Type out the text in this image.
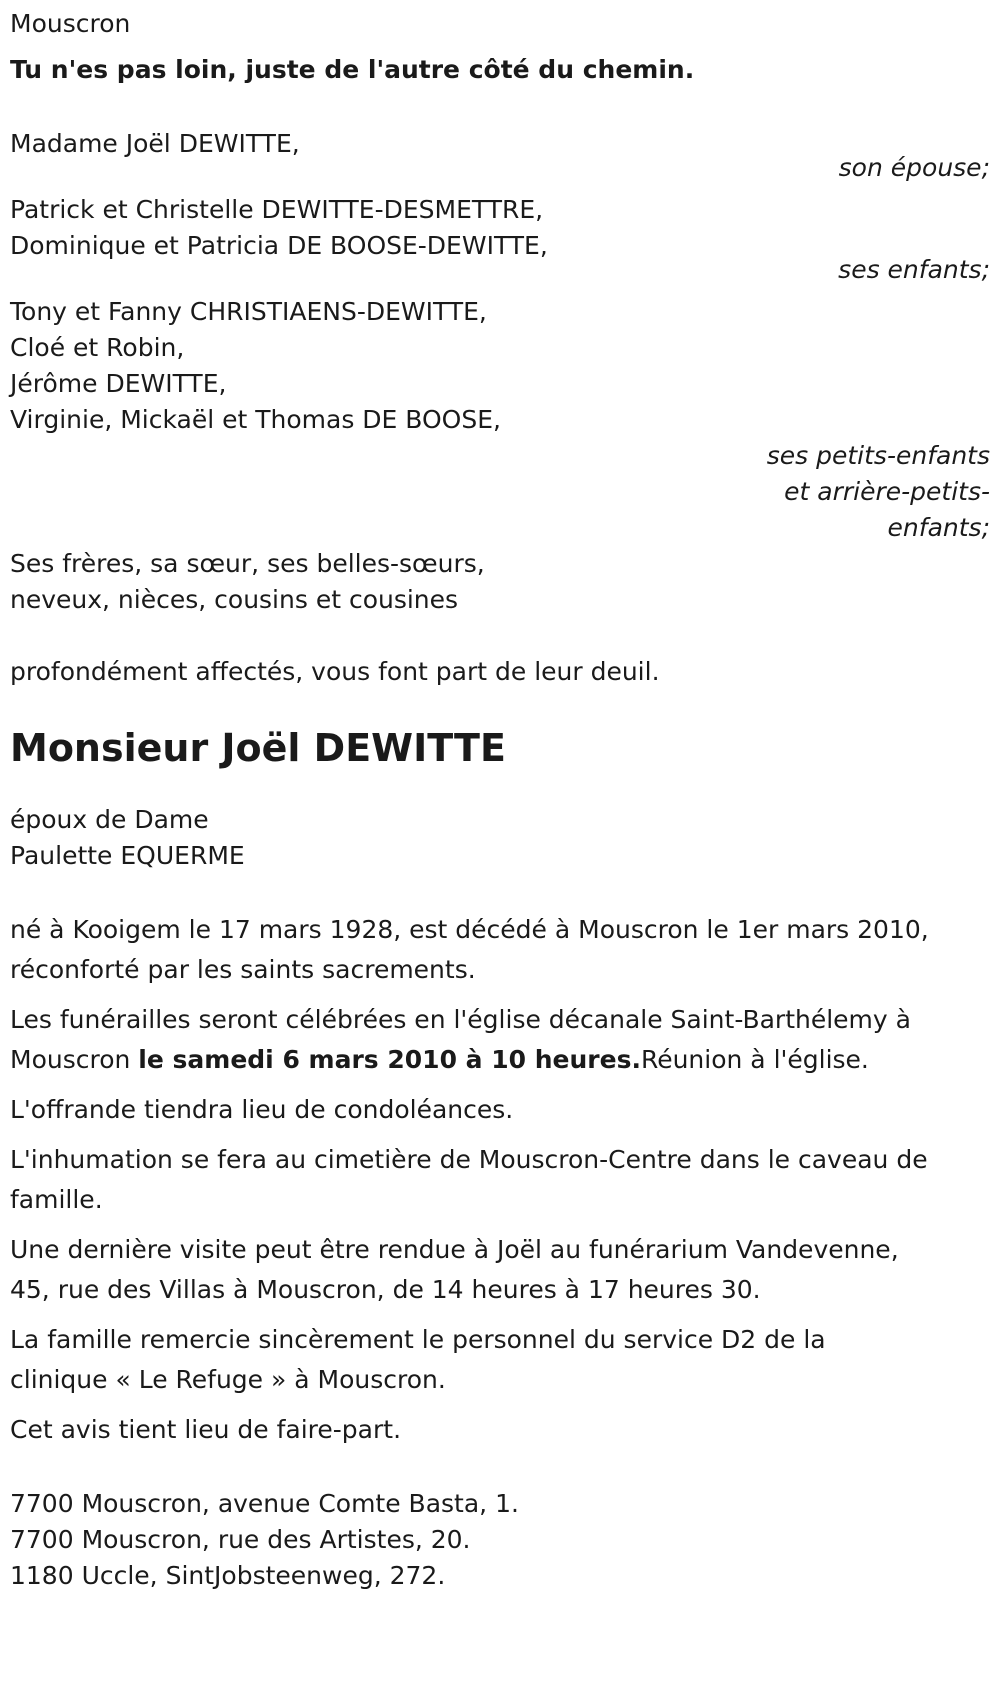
Mouscron
Tu n'es pas loin, juste de l'autre côté du chemin.
Madame Joël DEWITTE,
son épouse;
Patrick et Christelle DEWITTE-DESMETTRE,
Dominique et Patricia DE BOOSE-DEWITTE,
ses enfants;
Tony et Fanny CHRISTIAENS-DEWITTE,
Cloé et Robin,
Jérôme DEWITTE,
Virginie, Mickaël et Thomas DE BOOSE,
ses petits-enfants
et arrière-petits-
enfants;
Ses frères, sa sœur, ses belles-sœurs,
neveux, nièces, cousins et cousines
profondément affectés, vous font part de leur deuil.
Monsieur Joël DEWITTE
époux de Dame
Paulette EQUERME

né à Kooigem le 17 mars 1928, est décédé à Mouscron le 1er mars 2010, réconforté par les saints sacrements.

Les funérailles seront célébrées en l'église décanale Saint-Barthélemy à Mouscron le samedi 6 mars 2010 à 10 heures.Réunion à l'église.

L'offrande tiendra lieu de condoléances.

L'inhumation se fera au cimetière de Mouscron-Centre dans le caveau de famille.

Une dernière visite peut être rendue à Joël au funérarium Vandevenne, 45, rue des Villas à Mouscron, de 14 heures à 17 heures 30.

La famille remercie sincèrement le personnel du service D2 de la clinique « Le Refuge » à Mouscron.

Cet avis tient lieu de faire-part.

7700 Mouscron, avenue Comte Basta, 1.
7700 Mouscron, rue des Artistes, 20.
1180 Uccle, SintJobsteenweg, 272.
